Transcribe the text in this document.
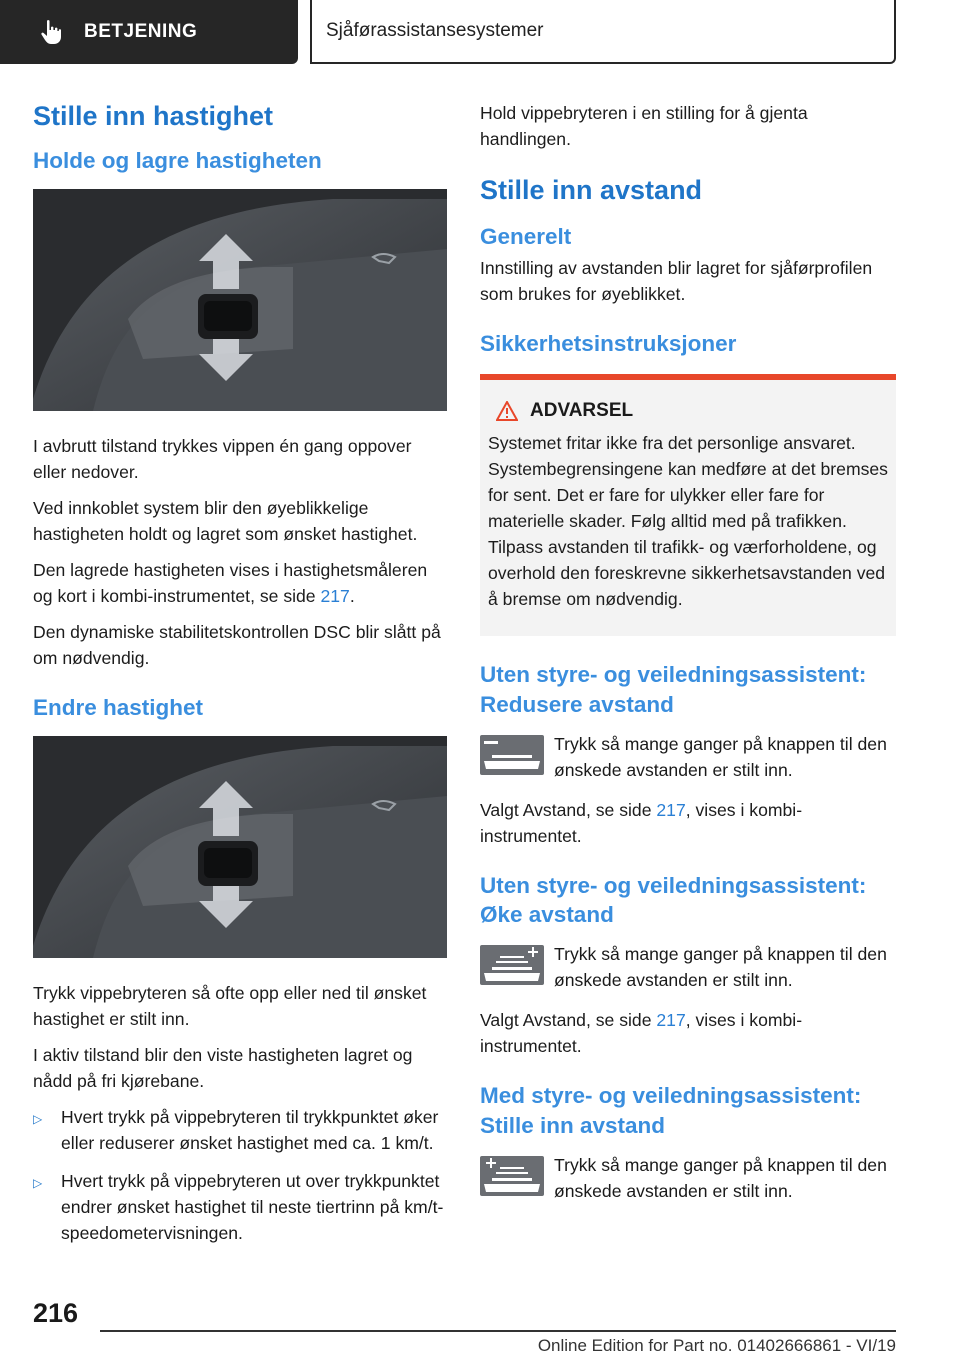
BETJENING	Sjåførassistansesystemer
Stille inn hastighet
Holde og lagre hastigheten

I avbrutt tilstand trykkes vippen én gang oppover eller nedover.

Ved innkoblet system blir den øyeblikkelige hastigheten holdt og lagret som ønsket hastighet.

Den lagrede hastigheten vises i hastighetsmåleren og kort i kombi-instrumentet, se side 217.

Den dynamiske stabilitetskontrollen DSC blir slått på om nødvendig.

Endre hastighet

Trykk vippebryteren så ofte opp eller ned til ønsket hastighet er stilt inn.

I aktiv tilstand blir den viste hastigheten lagret og nådd på fri kjørebane.

▷	Hvert trykk på vippebryteren til trykkpunktet øker eller reduserer ønsket hastighet med ca. 1 km/t.
▷	Hvert trykk på vippebryteren ut over trykkpunktet endrer ønsket hastighet til neste tiertrinn på km/t-speedometervisningen.

Hold vippebryteren i en stilling for å gjenta handlingen.

Stille inn avstand
Generelt

Innstilling av avstanden blir lagret for sjåførprofilen som brukes for øyeblikket.

Sikkerhetsinstruksjoner
ADVARSEL

Systemet fritar ikke fra det personlige ansvaret. Systembegrensingene kan medføre at det bremses for sent. Det er fare for ulykker eller fare for materielle skader. Følg alltid med på trafikken. Tilpass avstanden til trafikk- og værforholdene, og overhold den foreskrevne sikkerhetsavstanden ved å bremse om nødvendig.

Uten styre- og veiledningsassistent: Redusere avstand

Trykk så mange ganger på knappen til den ønskede avstanden er stilt inn.

Valgt Avstand, se side 217, vises i kombi-instrumentet.

Uten styre- og veiledningsassistent: Øke avstand

Trykk så mange ganger på knappen til den ønskede avstanden er stilt inn.

Valgt Avstand, se side 217, vises i kombi-instrumentet.

Med styre- og veiledningsassistent: Stille inn avstand

Trykk så mange ganger på knappen til den ønskede avstanden er stilt inn.

216
Online Edition for Part no. 01402666861 - VI/19
